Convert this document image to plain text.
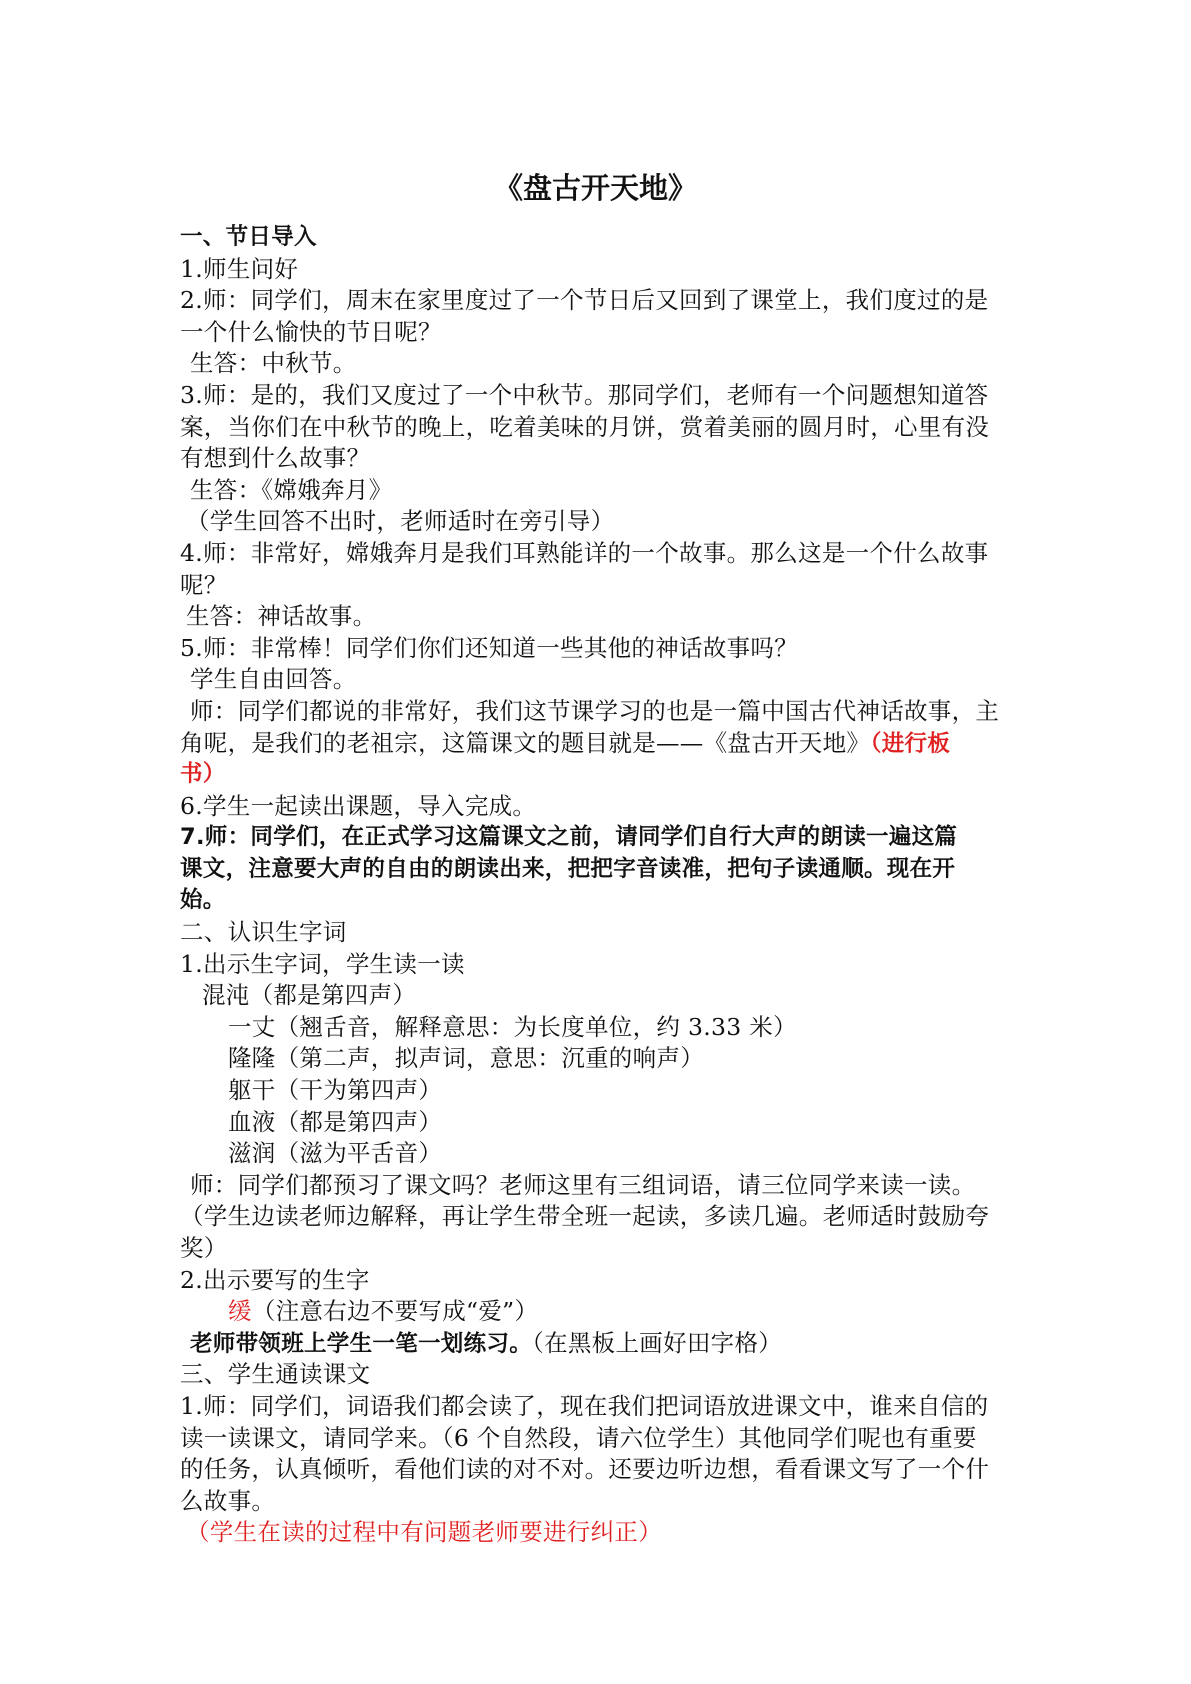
《盘古开天地》
一、节日导入
1.师生问好
2.师：同学们，周末在家里度过了一个节日后又回到了课堂上，我们度过的是
一个什么愉快的节日呢？
生答：中秋节。
3.师：是的，我们又度过了一个中秋节。那同学们，老师有一个问题想知道答
案，当你们在中秋节的晚上，吃着美味的月饼，赏着美丽的圆月时，心里有没
有想到什么故事？
生答：《嫦娥奔月》
（学生回答不出时，老师适时在旁引导）
4.师：非常好，嫦娥奔月是我们耳熟能详的一个故事。那么这是一个什么故事
呢？
生答：神话故事。
5.师：非常棒！同学们你们还知道一些其他的神话故事吗？
学生自由回答。
师：同学们都说的非常好，我们这节课学习的也是一篇中国古代神话故事，主
角呢，是我们的老祖宗，这篇课文的题目就是——《盘古开天地》（进行板
书）
6.学生一起读出课题，导入完成。
7.师：同学们，在正式学习这篇课文之前，请同学们自行大声的朗读一遍这篇
课文，注意要大声的自由的朗读出来，把把字音读准，把句子读通顺。现在开
始。
二、认识生字词
1.出示生字词，学生读一读
混沌（都是第四声）
一丈（翘舌音，解释意思：为长度单位，约 3.33 米）
隆隆（第二声，拟声词，意思：沉重的响声）
躯干（干为第四声）
血液（都是第四声）
滋润（滋为平舌音）
师：同学们都预习了课文吗？老师这里有三组词语，请三位同学来读一读。
（学生边读老师边解释，再让学生带全班一起读，多读几遍。老师适时鼓励夸
奖）
2.出示要写的生字
缓（注意右边不要写成“爱”）
老师带领班上学生一笔一划练习。（在黑板上画好田字格）
三、学生通读课文
1.师：同学们，词语我们都会读了，现在我们把词语放进课文中，谁来自信的
读一读课文，请同学来。（6 个自然段，请六位学生）其他同学们呢也有重要
的任务，认真倾听，看他们读的对不对。还要边听边想，看看课文写了一个什
么故事。
（学生在读的过程中有问题老师要进行纠正）
